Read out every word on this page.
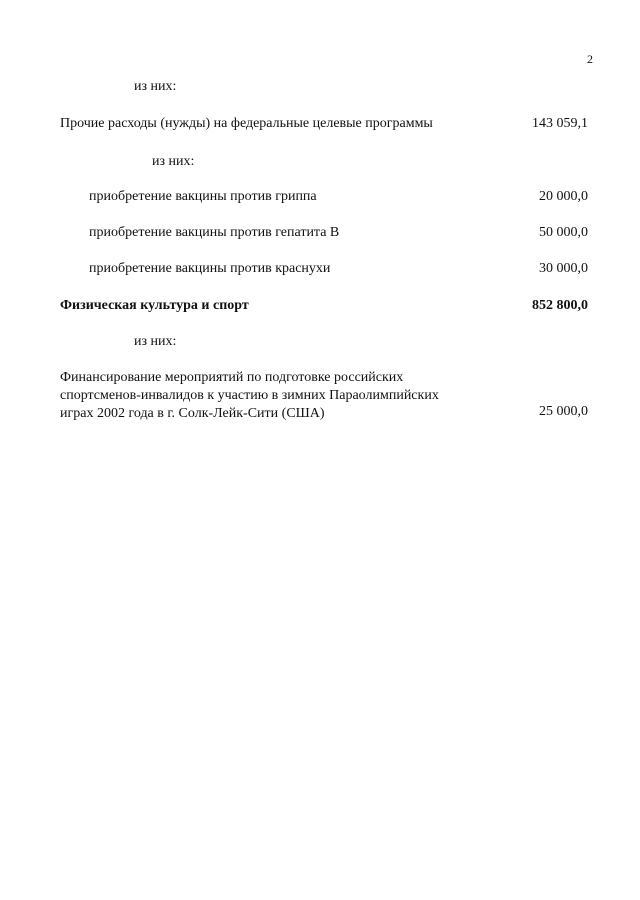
2
из них:
Прочие расходы (нужды) на федеральные целевые программы	143 059,1
из них:
приобретение вакцины против гриппа	20 000,0
приобретение вакцины против гепатита В	50 000,0
приобретение вакцины против краснухи	30 000,0
Физическая культура и спорт	852 800,0
из них:
Финансирование мероприятий по подготовке российских
спортсменов-инвалидов к участию в зимних Параолимпийских
играх 2002 года в г. Солк-Лейк-Сити (США)	25 000,0
